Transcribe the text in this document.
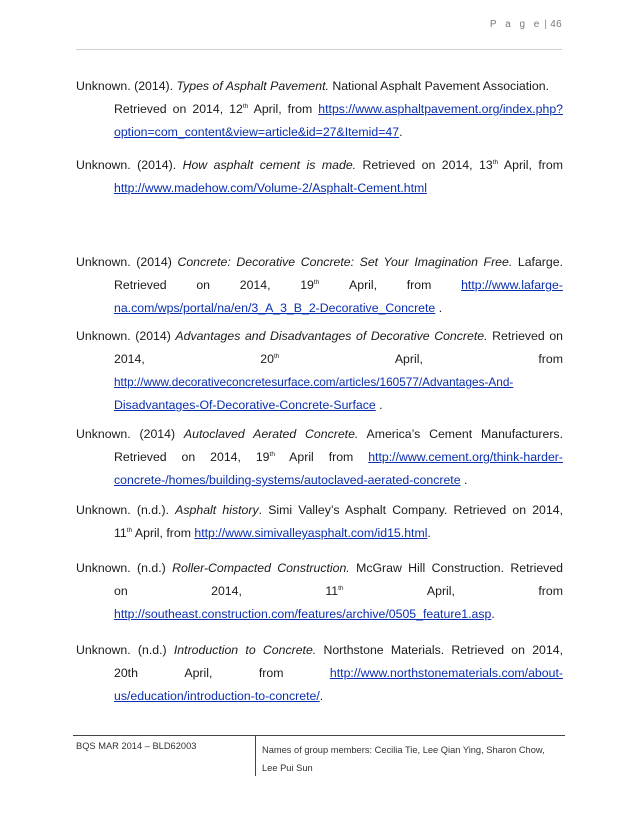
P a g e | 46
Unknown. (2014). Types of Asphalt Pavement. National Asphalt Pavement Association.
Retrieved on 2014, 12th April, from https://www.asphaltpavement.org/index.php?
option=com_content&view=article&id=27&Itemid=47.
Unknown. (2014). How asphalt cement is made. Retrieved on 2014, 13th April, from
http://www.madehow.com/Volume-2/Asphalt-Cement.html
Unknown. (2014) Concrete: Decorative Concrete: Set Your Imagination Free. Lafarge.
Retrieved on 2014, 19th April, from http://www.lafarge-
na.com/wps/portal/na/en/3_A_3_B_2-Decorative_Concrete .
Unknown. (2014) Advantages and Disadvantages of Decorative Concrete. Retrieved on
2014,	20th	April,	from
http://www.decorativeconcretesurface.com/articles/160577/Advantages-And-
Disadvantages-Of-Decorative-Concrete-Surface .
Unknown. (2014) Autoclaved Aerated Concrete. America’s Cement Manufacturers.
Retrieved on 2014, 19th April from http://www.cement.org/think-harder-
concrete-/homes/building-systems/autoclaved-aerated-concrete .
Unknown. (n.d.). Asphalt history. Simi Valley’s Asphalt Company. Retrieved on 2014,
11th April, from http://www.simivalleyasphalt.com/id15.html.
Unknown. (n.d.) Roller-Compacted Construction. McGraw Hill Construction. Retrieved
on	2014,	11th	April,	from
http://southeast.construction.com/features/archive/0505_feature1.asp.
Unknown. (n.d.) Introduction to Concrete. Northstone Materials. Retrieved on 2014,
20th	April,	from	http://www.northstonematerials.com/about-
us/education/introduction-to-concrete/.
BQS MAR 2014 – BLD62003	Names of group members: Cecilia Tie, Lee Qian Ying, Sharon Chow, Lee Pui Sun
